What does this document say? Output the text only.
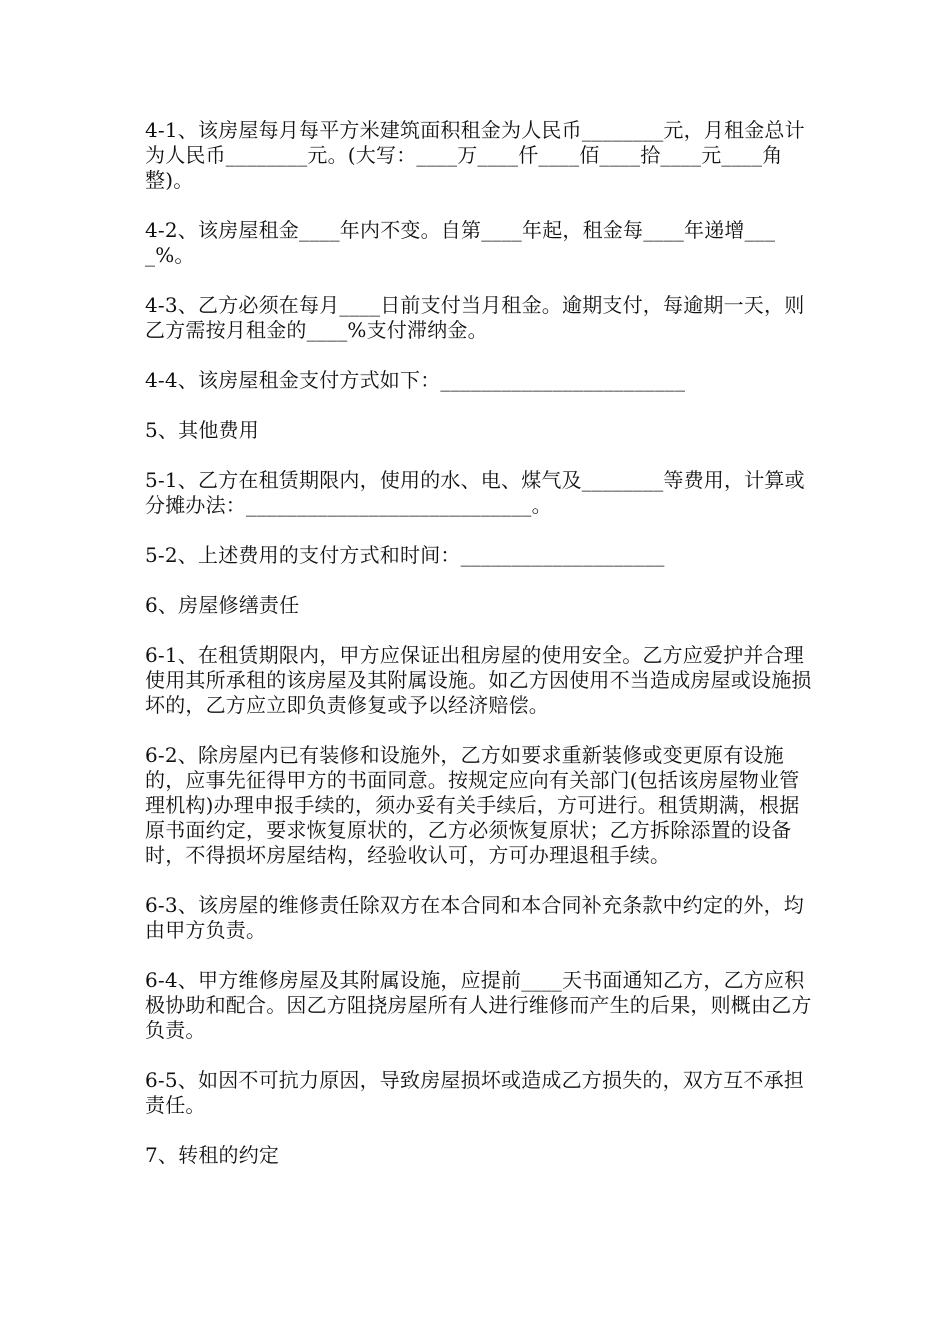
4-1、该房屋每月每平方米建筑面积租金为人民币________元，月租金总计为人民币________元。(大写：____万____仟____佰____拾____元____角整)。

4-2、该房屋租金____年内不变。自第____年起，租金每____年递增____%。

4-3、乙方必须在每月____日前支付当月租金。逾期支付，每逾期一天，则乙方需按月租金的____%支付滞纳金。

4-4、该房屋租金支付方式如下：________________________

5、其他费用

5-1、乙方在租赁期限内，使用的水、电、煤气及________等费用，计算或分摊办法：____________________________。

5-2、上述费用的支付方式和时间：____________________

6、房屋修缮责任

6-1、在租赁期限内，甲方应保证出租房屋的使用安全。乙方应爱护并合理使用其所承租的该房屋及其附属设施。如乙方因使用不当造成房屋或设施损坏的，乙方应立即负责修复或予以经济赔偿。

6-2、除房屋内已有装修和设施外，乙方如要求重新装修或变更原有设施的，应事先征得甲方的书面同意。按规定应向有关部门(包括该房屋物业管理机构)办理申报手续的，须办妥有关手续后，方可进行。租赁期满，根据原书面约定，要求恢复原状的，乙方必须恢复原状；乙方拆除添置的设备时，不得损坏房屋结构，经验收认可，方可办理退租手续。

6-3、该房屋的维修责任除双方在本合同和本合同补充条款中约定的外，均由甲方负责。

6-4、甲方维修房屋及其附属设施，应提前____天书面通知乙方，乙方应积极协助和配合。因乙方阻挠房屋所有人进行维修而产生的后果，则概由乙方负责。

6-5、如因不可抗力原因，导致房屋损坏或造成乙方损失的，双方互不承担责任。

7、转租的约定
